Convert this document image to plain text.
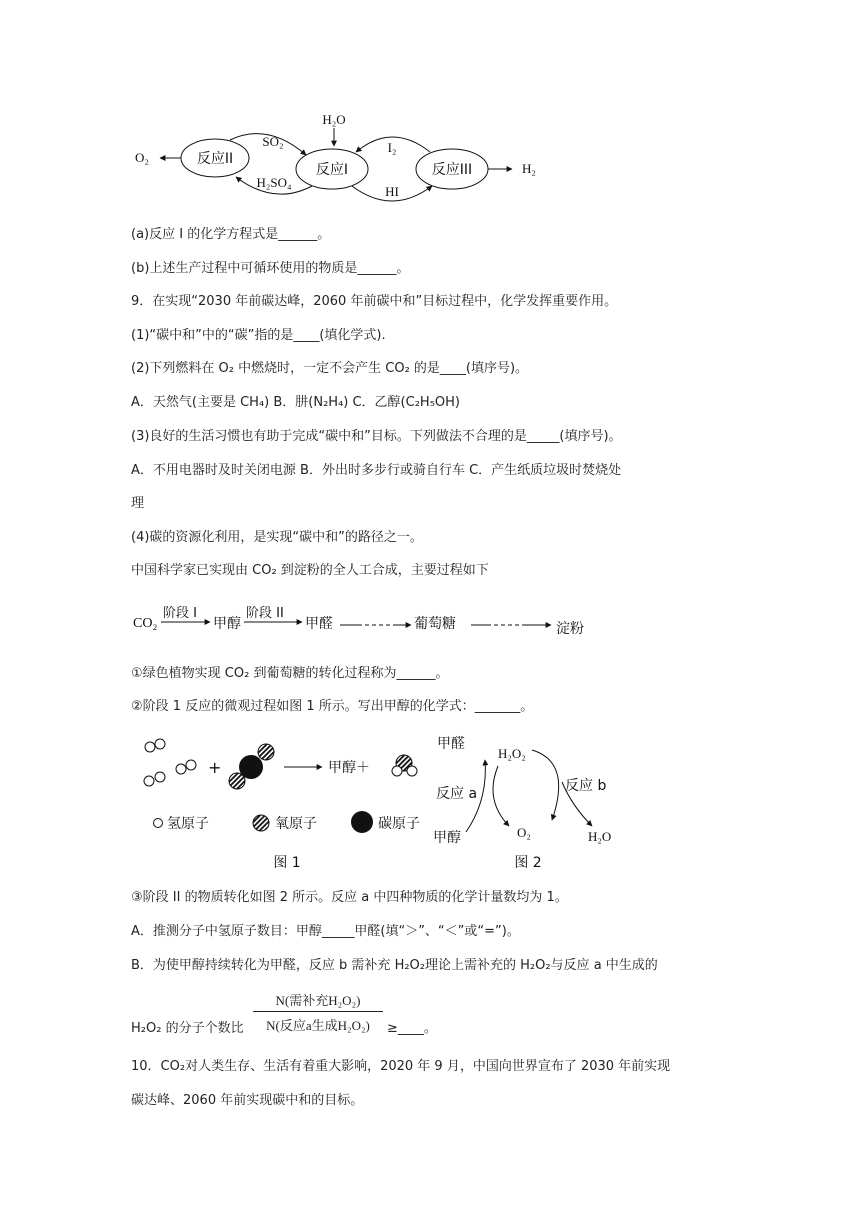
反应II
反应I	反应III
H₂O
O₂
H₂
SO₂
H₂SO₄
I₂
HI
CO₂
阶段 I
甲醇
阶段 II
甲醛	葡萄糖	淀粉
+	甲醇＋
氢原子	氧原子	碳原子
图 1
甲醛
H₂O₂
反应 a	反应 b
甲醇	O₂	H₂O
图 2
(a)反应 I 的化学方程式是______。
(b)上述生产过程中可循环使用的物质是______。
9．在实现“2030 年前碳达峰，2060 年前碳中和”目标过程中，化学发挥重要作用。
(1)“碳中和”中的“碳”指的是____(填化学式).
(2)下列燃料在 O₂ 中燃烧时，一定不会产生 CO₂ 的是____(填序号)。
A．天然气(主要是 CH₄) B．肼(N₂H₄) C．乙醇(C₂H₅OH)
(3)良好的生活习惯也有助于完成“碳中和”目标。下列做法不合理的是_____(填序号)。
A．不用电器时及时关闭电源 B．外出时多步行或骑自行车 C．产生纸质垃圾时焚烧处
理
(4)碳的资源化利用，是实现“碳中和”的路径之一。
中国科学家已实现由 CO₂ 到淀粉的全人工合成，主要过程如下
①绿色植物实现 CO₂ 到葡萄糖的转化过程称为______。
②阶段 1 反应的微观过程如图 1 所示。写出甲醇的化学式：_______。
③阶段 II 的物质转化如图 2 所示。反应 a 中四种物质的化学计量数均为 1。
A．推测分子中氢原子数目：甲醇_____甲醛(填“＞”、“＜”或“=”)。
B．为使甲醇持续转化为甲醛，反应 b 需补充 H₂O₂理论上需补充的 H₂O₂与反应 a 中生成的
N(需补充H₂O₂)
N(反应a生成H₂O₂)
H₂O₂ 的分子个数比	≥____。
10．CO₂对人类生存、生活有着重大影响，2020 年 9 月，中国向世界宣布了 2030 年前实现
碳达峰、2060 年前实现碳中和的目标。
